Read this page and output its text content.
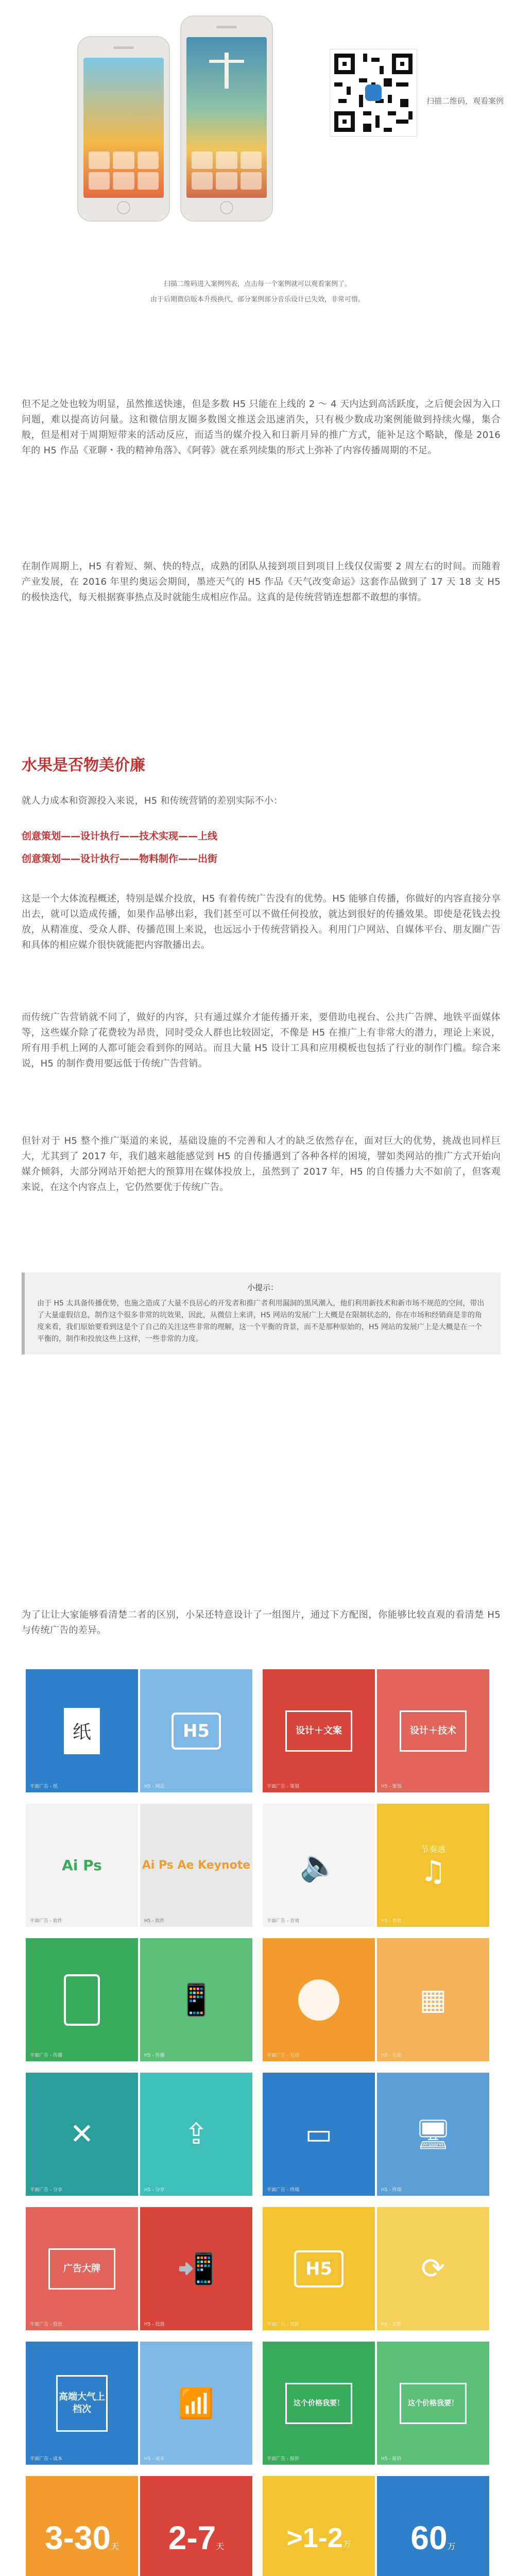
扫描二维码，观看案例
扫描二维码进入案例列表，点击每一个案例就可以观看案例了。
由于后期微信版本升级换代，部分案例部分音乐设计已失效，非常可惜。

但不足之处也较为明显，虽然推送快速，但是多数 H5 只能在上线的 2 ～ 4 天内达到高活跃度，之后便会因为入口问题，难以提高访问量。这和微信朋友圈多数图文推送会迅速消失，只有极少数成功案例能做到持续火爆，集合般，但是相对于周期短带来的活动反应，而适当的媒介投入和日新月异的推广方式，能补足这个略缺，像是 2016 年的 H5 作品《亚聊・我的精神角落》、《阿蓉》就在系列续集的形式上弥补了内容传播周期的不足。

在制作周期上，H5 有着短、频、快的特点，成熟的团队从接到项目到项目上线仅仅需要 2 周左右的时间。而随着产业发展，在 2016 年里约奥运会期间，墨迹天气的 H5 作品《天气改变命运》这套作品做到了 17 天 18 支 H5 的极快迭代，每天根据赛事热点及时就能生成相应作品。这真的是传统营销连想都不敢想的事情。

水果是否物美价廉

就人力成本和资源投入来说，H5 和传统营销的差别实际不小：

创意策划——设计执行——技术实现——上线
创意策划——设计执行——物料制作——出街

这是一个大体流程概述，特别是媒介投放，H5 有着传统广告没有的优势。H5 能够自传播，你做好的内容直接分享出去，就可以造成传播，如果作品够出彩，我们甚至可以不做任何投放，就达到很好的传播效果。即使是花钱去投放，从精准度、受众人群、传播范围上来说，也远远小于传统营销投入。利用门户网站、自媒体平台、朋友圈广告和具体的相应媒介很快就能把内容散播出去。

而传统广告营销就不同了，做好的内容，只有通过媒介才能传播开来，要借助电视台、公共广告牌、地铁平面媒体等，这些媒介除了花费较为昂贵，同时受众人群也比较固定，不像是 H5 在推广上有非常大的潜力，理论上来说，所有用手机上网的人都可能会看到你的网站。而且大量 H5 设计工具和应用模板也包括了行业的制作门槛。综合来说，H5 的制作费用要远低于传统广告营销。

但针对于 H5 整个推广渠道的来说，基础设施的不完善和人才的缺乏依然存在，面对巨大的优势，挑战也同样巨大，尤其到了 2017 年，我们越来越能感觉到 H5 的自传播遇到了各种各样的困境，譬如类网站的推广方式开始向媒介倾斜，大部分网站开始把大的预算用在媒体投放上，虽然到了 2017 年，H5 的自传播力大不如前了，但客观来说，在这个内容点上，它仍然要优于传统广告。

小提示：
由于 H5 太具备传播优势，也施之造成了大量不良居心的开发者和推广者利用漏洞的黑风潮入，他们利用新技术和新市场不规范的空间，带出了大量虚假信息，制作这个很多非常的坑效果，因此，从微信上来讲，H5 网站的发展广上大概是在限制状态的，你在市场和经销商是非的角度来看，我们原始要看到这是个了自己的关注这些非常的理解，这一个平衡的背景，而不是那种原始的，H5 网站的发展广上是大概是在一个平衡的，制作和投放这些上这样，一些非常的力度。

为了让让大家能够看清楚二者的区别，小呆还特意设计了一组图片，通过下方配图，你能够比较直观的看清楚 H5 与传统广告的差异。

纸
平面广告 - 纸
H5
H5 - 网页
设计＋文案
平面广告 - 策划
设计＋技术
H5 - 策划
Ai Ps
平面广告 - 软件
Ai Ps Ae Keynote
H5 - 软件
🔈
平面广告 - 音效
节奏感
♫
H5 - 音效
平面广告 - 传播
📱
H5 - 传播	平面广告 - 互动
▦
H5 - 互动
✕
平面广告 - 分享
⇪
H5 - 分享
▭
平面广告 - 终端
🖥
H5 - 终端
广告大牌
平面广告 - 投放
📲
H5 - 投放
H5
平面广告 - 更新
⟳
H5 - 更新
高端大气上档次
平面广告 - 成本
📶
H5 - 成本
这个价格我要！
平面广告 - 报价
这个价格我要！
H5 - 报价
3-30天 2-7天 >1-2万 60万
